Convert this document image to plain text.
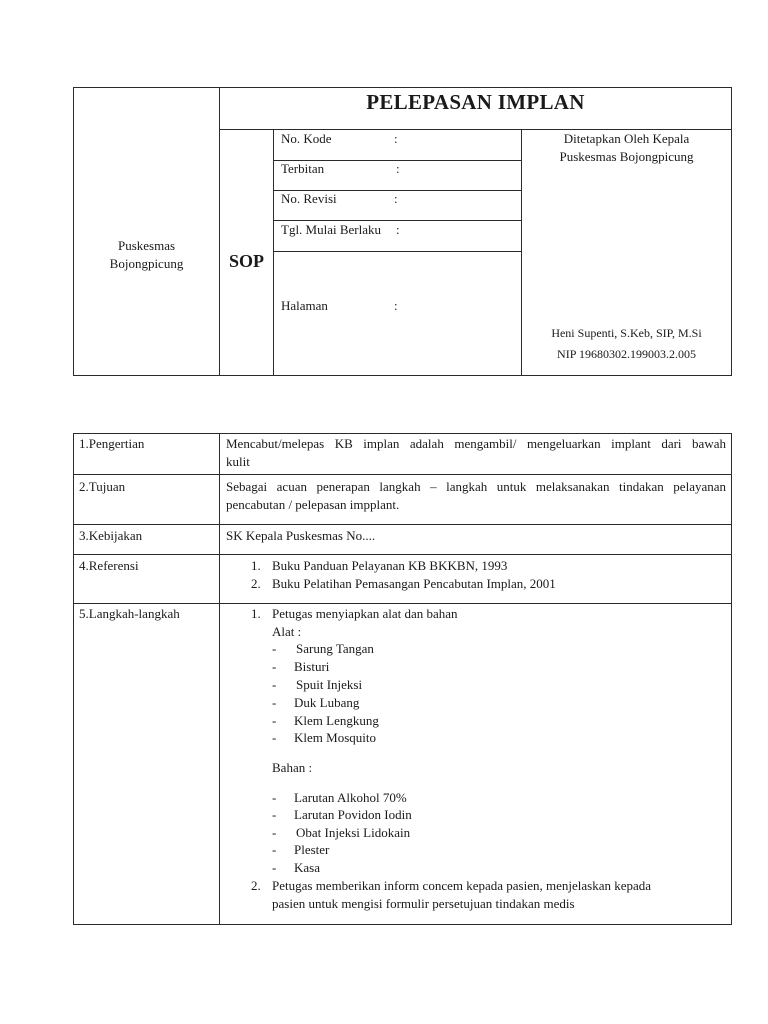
PELEPASAN IMPLAN
Puskesmas
Bojongpicung	SOP
No. Kode	:
Terbitan	:
No. Revisi	:
Tgl. Mulai Berlaku :
Halaman	:
Ditetapkan Oleh Kepala
Puskesmas Bojongpicung
Heni Supenti, S.Keb, SIP, M.Si
NIP 19680302.199003.2.005
1.Pengertian	Mencabut/melepas KB implan adalah mengambil/ mengeluarkan implant dari bawah
kulit
2.Tujuan	Sebagai acuan penerapan langkah – langkah untuk melaksanakan tindakan pelayanan
pencabutan / pelepasan impplant.
3.Kebijakan	SK Kepala Puskesmas No....
4.Referensi	1. Buku Panduan Pelayanan KB BKKBN, 1993
2. Buku Pelatihan Pemasangan Pencabutan Implan, 2001
5.Langkah-langkah	1. Petugas menyiapkan alat dan bahan
Alat :
- Sarung Tangan
- Bisturi
- Spuit Injeksi
- Duk Lubang
- Klem Lengkung
- Klem Mosquito
Bahan :
- Larutan Alkohol 70%
- Larutan Povidon Iodin
- Obat Injeksi Lidokain
- Plester
- Kasa
2. Petugas memberikan inform concem kepada pasien, menjelaskan kepada
pasien untuk mengisi formulir persetujuan tindakan medis
